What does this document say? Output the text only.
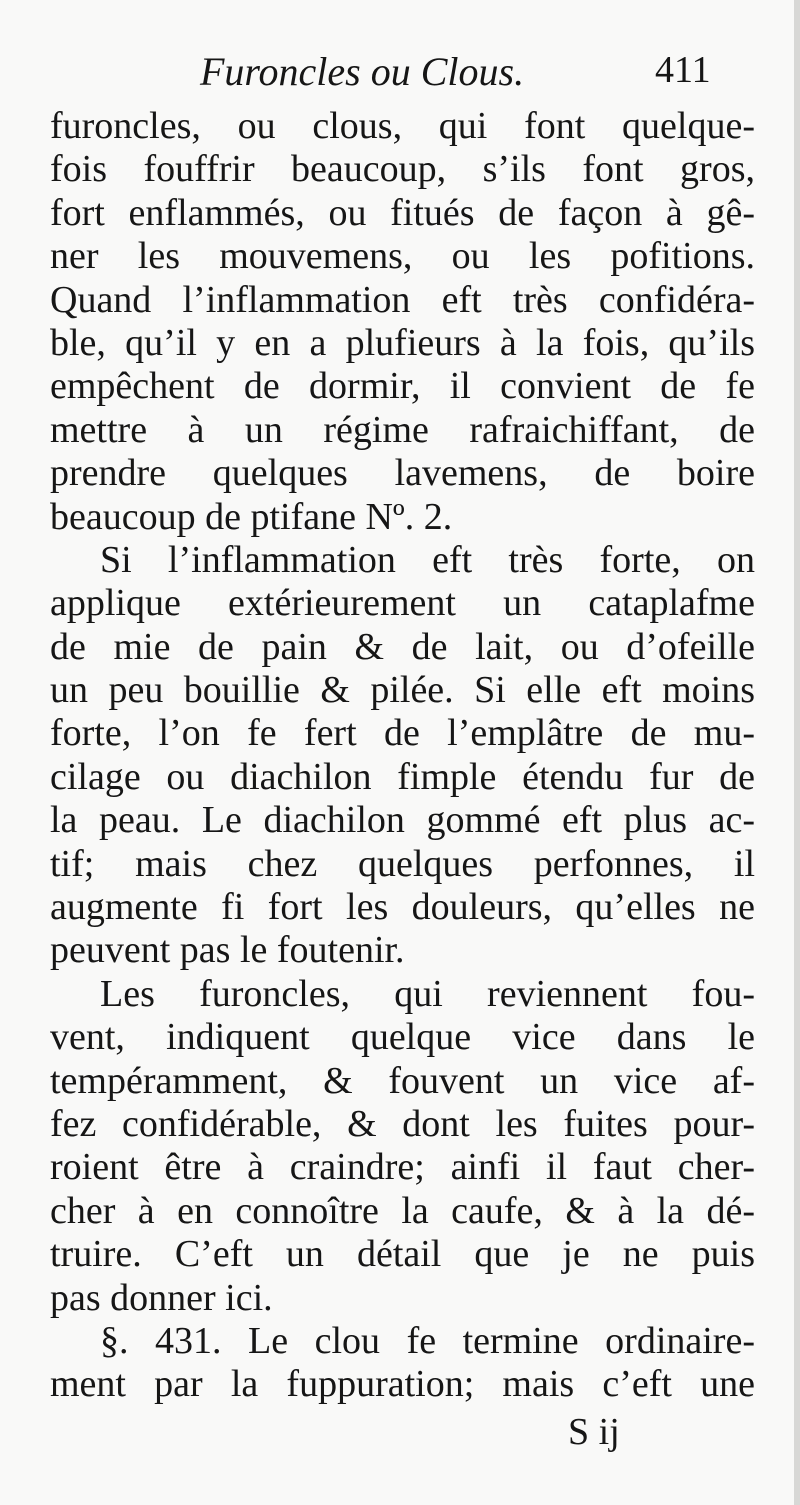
Furoncles ou Clous.	411
furoncles, ou clous, qui font quelque-
fois fouffrir beaucoup, s’ils font gros,
fort enflammés, ou fitués de façon à gê-
ner les mouvemens, ou les pofitions.
Quand l’inflammation eft très confidéra-
ble, qu’il y en a plufieurs à la fois, qu’ils
empêchent de dormir, il convient de fe
mettre à un régime rafraichiffant, de
prendre quelques lavemens, de boire
beaucoup de ptifane Nº. 2.
Si l’inflammation eft très forte, on
applique extérieurement un cataplafme
de mie de pain & de lait, ou d’ofeille
un peu bouillie & pilée. Si elle eft moins
forte, l’on fe fert de l’emplâtre de mu-
cilage ou diachilon fimple étendu fur de
la peau. Le diachilon gommé eft plus ac-
tif; mais chez quelques perfonnes, il
augmente fi fort les douleurs, qu’elles ne
peuvent pas le foutenir.
Les furoncles, qui reviennent fou-
vent, indiquent quelque vice dans le
tempéramment, & fouvent un vice af-
fez confidérable, & dont les fuites pour-
roient être à craindre; ainfi il faut cher-
cher à en connoître la caufe, & à la dé-
truire. C’eft un détail que je ne puis
pas donner ici.
§. 431. Le clou fe termine ordinaire-
ment par la fuppuration; mais c’eft une
S ij
